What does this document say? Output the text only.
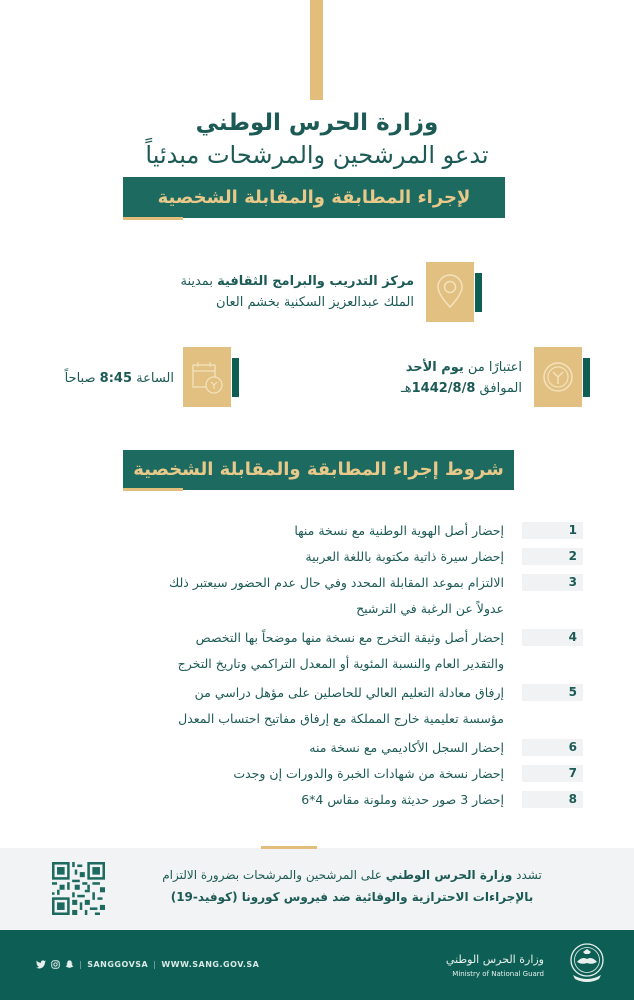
وزارة الحرس الوطني
تدعو المرشحين والمرشحات مبدئياً
لإجراء المطابقة والمقابلة الشخصية
مركز التدريب والبرامج الثقافية بمدينة
الملك عبدالعزيز السكنية بخشم العان
اعتبارًا من يوم الأحد
الموافق 1442/8/8هـ
الساعة 8:45 صباحاً
شروط إجراء المطابقة والمقابلة الشخصية
1
إحضار أصل الهوية الوطنية مع نسخة منها
2
إحضار سيرة ذاتية مكتوبة باللغة العربية
3
الالتزام بموعد المقابلة المحدد وفي حال عدم الحضور سيعتبر ذلك
عدولاً عن الرغبة في الترشيح
4
إحضار أصل وثيقة التخرج مع نسخة منها موضحاً بها التخصص
والتقدير العام والنسبة المئوية أو المعدل التراكمي وتاريخ التخرج
5
إرفاق معادلة التعليم العالي للحاصلين على مؤهل دراسي من
مؤسسة تعليمية خارج المملكة مع إرفاق مفاتيح احتساب المعدل
6
إحضار السجل الأكاديمي مع نسخة منه
7
إحضار نسخة من شهادات الخبرة والدورات إن وجدت
8
إحضار 3 صور حديثة وملونة مقاس 4*6
تشدد وزارة الحرس الوطني على المرشحين والمرشحات بضرورة الالتزام
بالإجراءات الاحترازية والوقائية ضد فيروس كورونا (كوفيد-19)
| SANGGOVSA | WWW.SANG.GOV.SA	وزارة الحرس الوطني
Ministry of National Guard
